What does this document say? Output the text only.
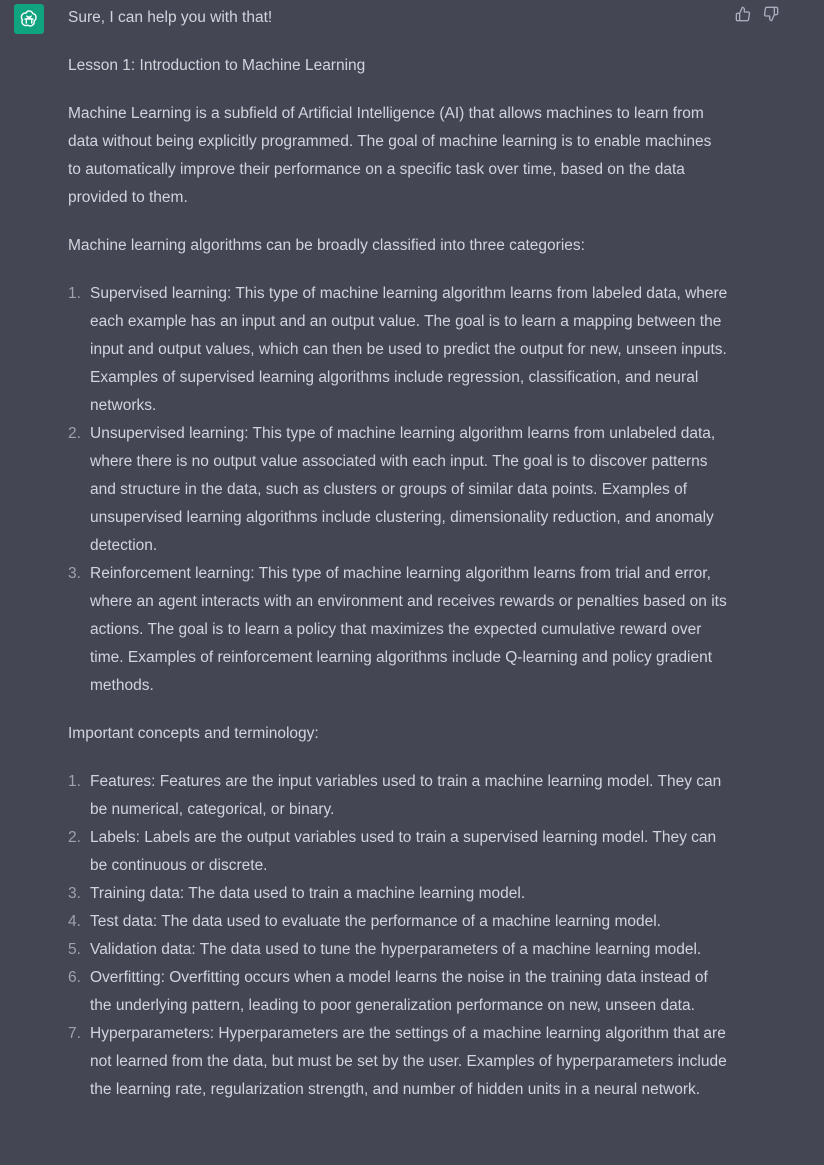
Sure, I can help you with that!

Lesson 1: Introduction to Machine Learning

Machine Learning is a subfield of Artificial Intelligence (AI) that allows machines to learn from data without being explicitly programmed. The goal of machine learning is to enable machines to automatically improve their performance on a specific task over time, based on the data provided to them.

Machine learning algorithms can be broadly classified into three categories:

1. Supervised learning: This type of machine learning algorithm learns from labeled data, where each example has an input and an output value. The goal is to learn a mapping between the input and output values, which can then be used to predict the output for new, unseen inputs. Examples of supervised learning algorithms include regression, classification, and neural networks.
2. Unsupervised learning: This type of machine learning algorithm learns from unlabeled data, where there is no output value associated with each input. The goal is to discover patterns and structure in the data, such as clusters or groups of similar data points. Examples of unsupervised learning algorithms include clustering, dimensionality reduction, and anomaly detection.
3. Reinforcement learning: This type of machine learning algorithm learns from trial and error, where an agent interacts with an environment and receives rewards or penalties based on its actions. The goal is to learn a policy that maximizes the expected cumulative reward over time. Examples of reinforcement learning algorithms include Q-learning and policy gradient methods.

Important concepts and terminology:

1. Features: Features are the input variables used to train a machine learning model. They can be numerical, categorical, or binary.
2. Labels: Labels are the output variables used to train a supervised learning model. They can be continuous or discrete.
3. Training data: The data used to train a machine learning model.
4. Test data: The data used to evaluate the performance of a machine learning model.
5. Validation data: The data used to tune the hyperparameters of a machine learning model.
6. Overfitting: Overfitting occurs when a model learns the noise in the training data instead of the underlying pattern, leading to poor generalization performance on new, unseen data.
7. Hyperparameters: Hyperparameters are the settings of a machine learning algorithm that are not learned from the data, but must be set by the user. Examples of hyperparameters include the learning rate, regularization strength, and number of hidden units in a neural network.
